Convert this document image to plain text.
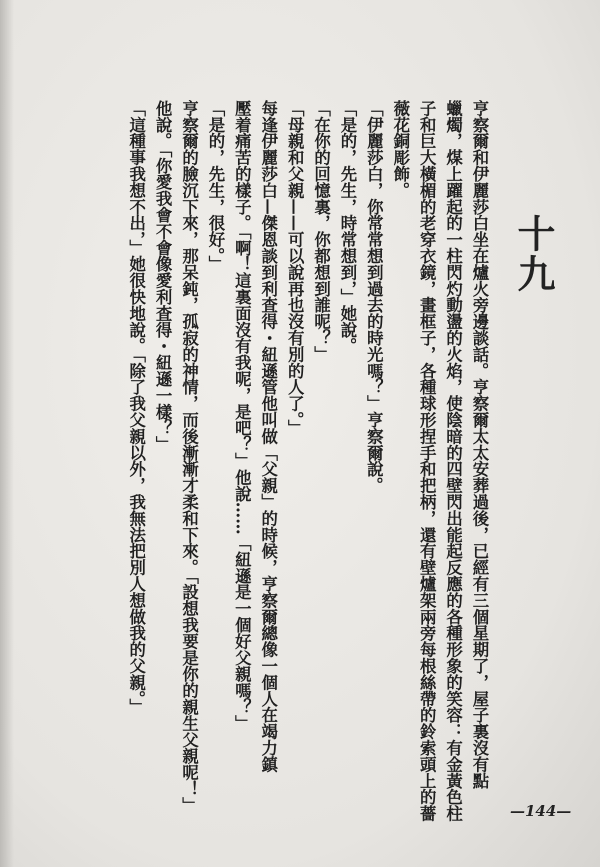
十九
亨察爾和伊麗莎白坐在爐火旁邊談話。亨察爾太太安葬過後，已經有三個星期了，屋子裏沒有點
蠟燭，煤上躍起的一柱閃灼動盪的火焰，使陰暗的四壁閃出能起反應的各種形象的笑容：有金黃色柱
子和巨大橫楣的老穿衣鏡，畫框子，各種球形捏手和把柄，還有壁爐架兩旁每根絲帶的鈴索頭上的薔
薇花銅彫飾。
「伊麗莎白，你常常想到過去的時光嗎？」亨察爾說。
「是的，先生，時常想到，」她說。
「在你的回憶裏，你都想到誰呢？」
「母親和父親——可以說再也沒有別的人了。」
每逢伊麗莎白—傑恩談到利査得・紐遜管他叫做「父親」的時候，亨察爾總像一個人在竭力鎮
壓着痛苦的樣子。「啊！這裏面沒有我呢，是吧？」他說……「紐遜是一個好父親嗎？」
「是的，先生，很好。」
亨察爾的臉沉下來，那呆鈍，孤寂的神情，而後漸漸才柔和下來。「設想我要是你的親生父親呢！」
他說。「你愛我會不會像愛利査得・紐遜一樣？」
「這種事我想不出，」她很快地說。「除了我父親以外，我無法把別人想做我的父親。」
—144—
